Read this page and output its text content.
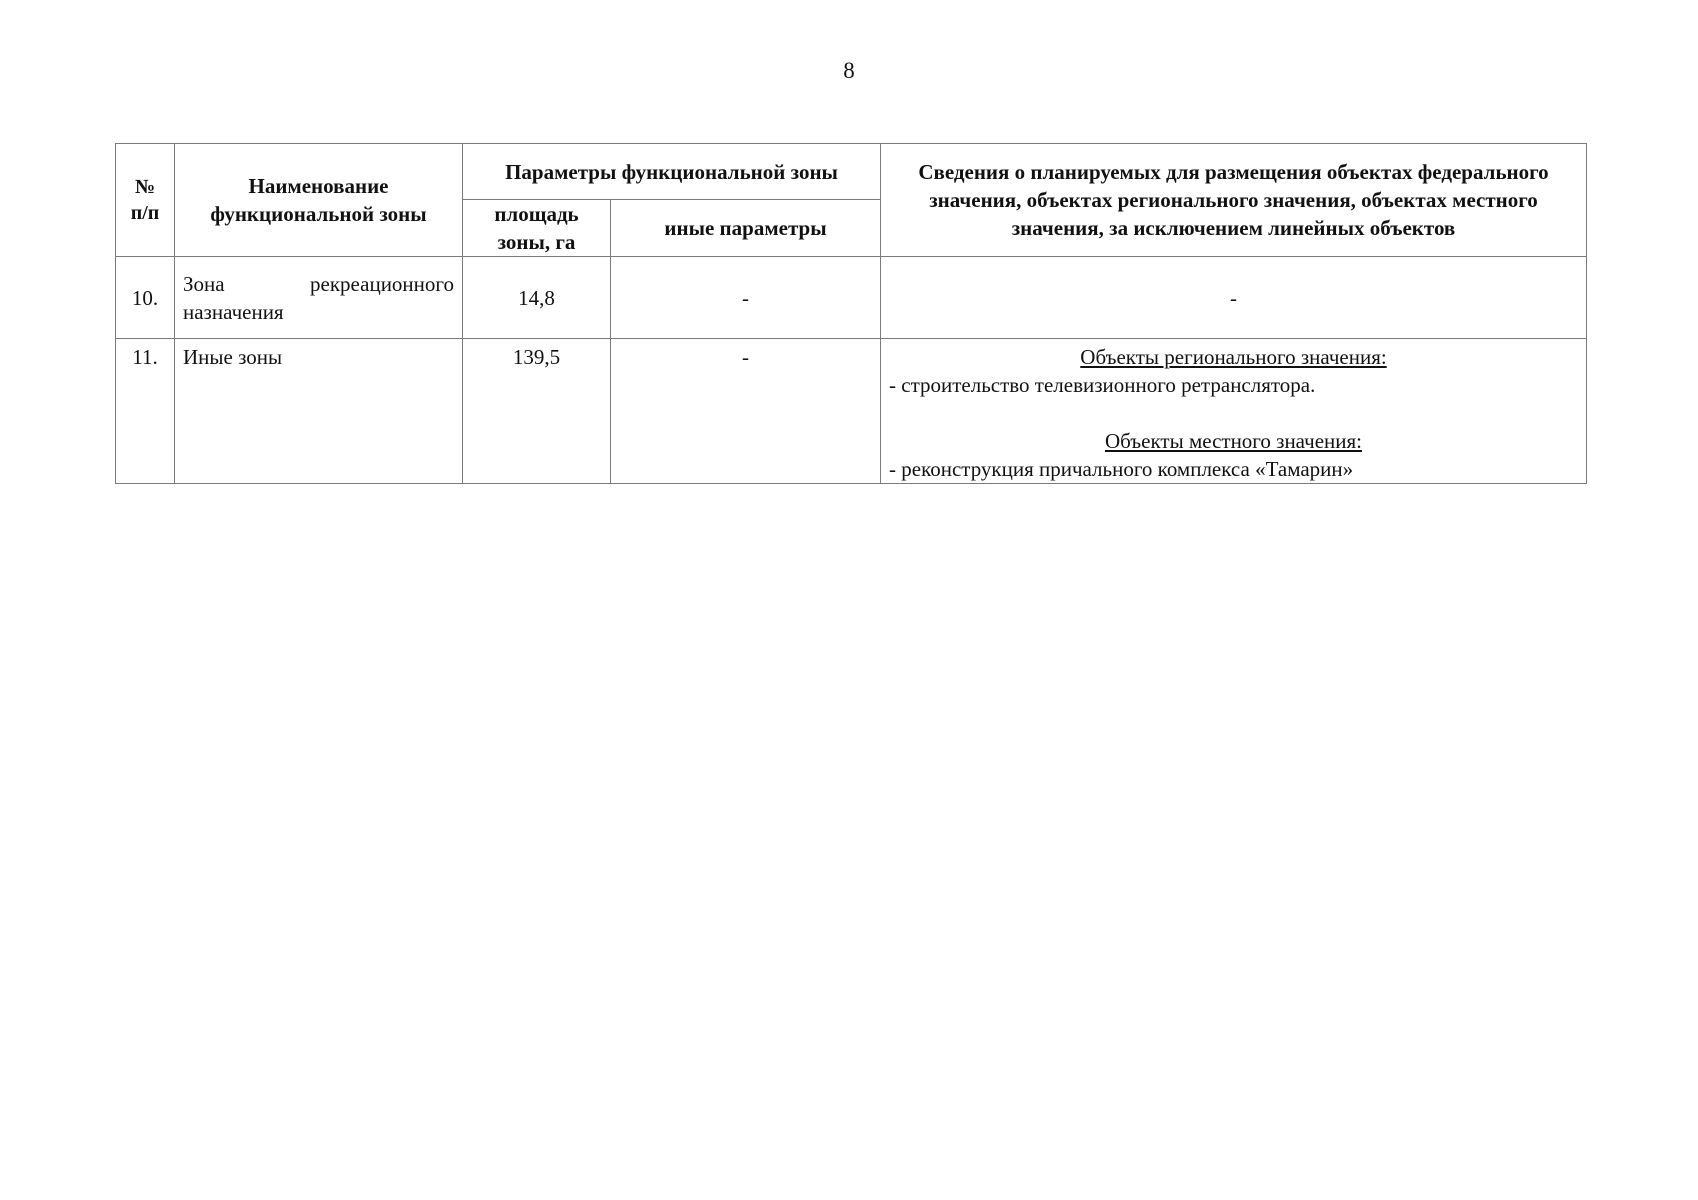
8
№ п/п	Наименование функциональной зоны	Параметры функциональной зоны		Сведения о планируемых для размещения объектах федерального значения, объектах регионального значения, объектах местного значения, за исключением линейных объектов
		площадь зоны, га	иные параметры	
10.	Зона рекреационного назначения	14,8	-	-
11.	Иные зоны	139,5	-	Объекты регионального значения:
- строительство телевизионного ретранслятора.
Объекты местного значения:
- реконструкция причального комплекса «Тамарин»
